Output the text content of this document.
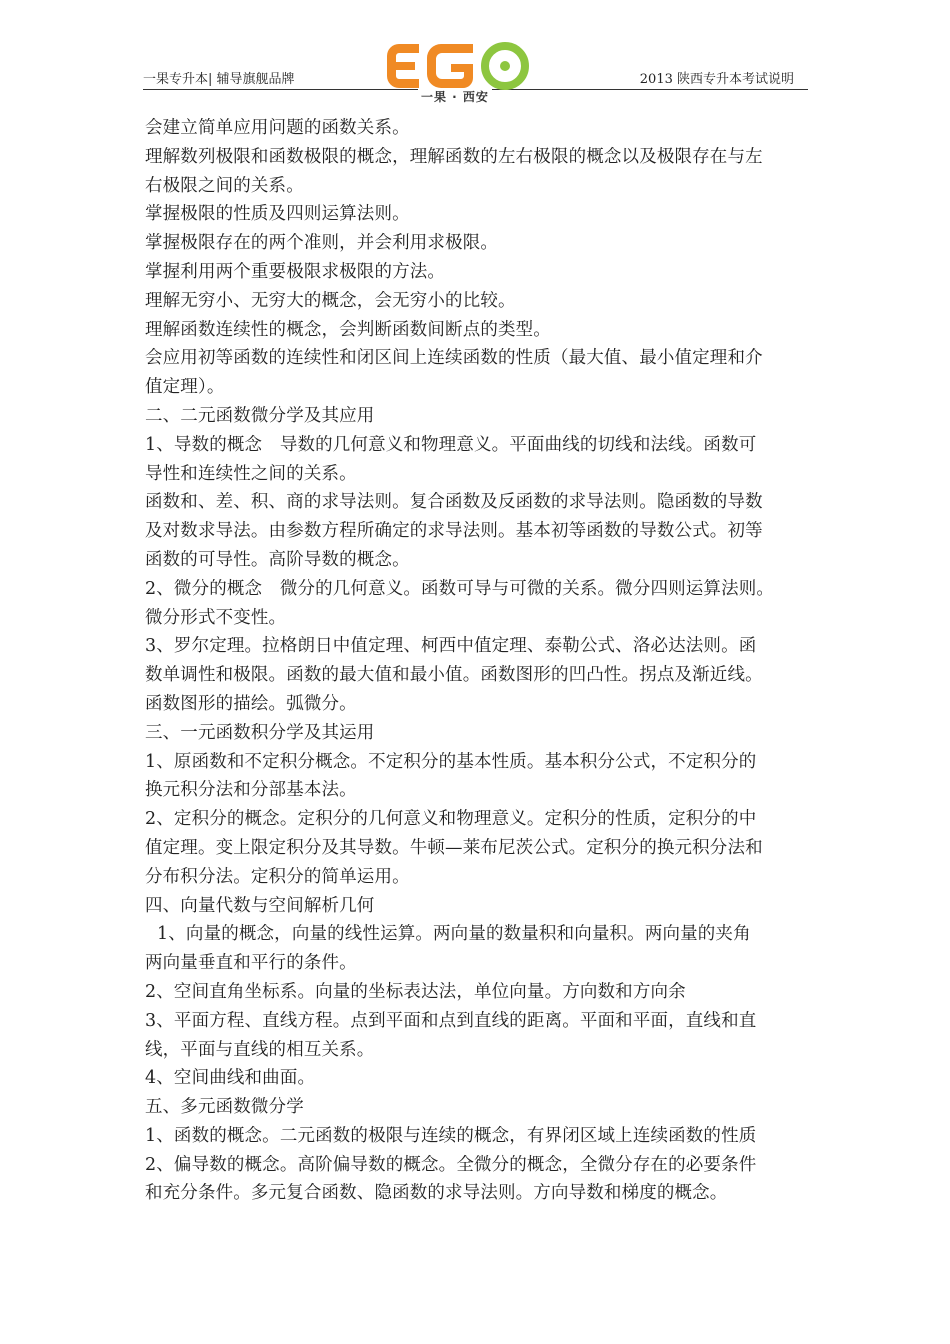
一果专升本| 辅导旗舰品牌	2013 陕西专升本考试说明
一果 · 西安
会建立简单应用问题的函数关系。
理解数列极限和函数极限的概念，理解函数的左右极限的概念以及极限存在与左
右极限之间的关系。
掌握极限的性质及四则运算法则。
掌握极限存在的两个准则，并会利用求极限。
掌握利用两个重要极限求极限的方法。
理解无穷小、无穷大的概念，会无穷小的比较。
理解函数连续性的概念，会判断函数间断点的类型。
会应用初等函数的连续性和闭区间上连续函数的性质（最大值、最小值定理和介
值定理）。
二、二元函数微分学及其应用
1、导数的概念　导数的几何意义和物理意义。平面曲线的切线和法线。函数可
导性和连续性之间的关系。
函数和、差、积、商的求导法则。复合函数及反函数的求导法则。隐函数的导数
及对数求导法。由参数方程所确定的求导法则。基本初等函数的导数公式。初等
函数的可导性。高阶导数的概念。
2、微分的概念　微分的几何意义。函数可导与可微的关系。微分四则运算法则。
微分形式不变性。
3、罗尔定理。拉格朗日中值定理、柯西中值定理、泰勒公式、洛必达法则。函
数单调性和极限。函数的最大值和最小值。函数图形的凹凸性。拐点及渐近线。
函数图形的描绘。弧微分。
三、一元函数积分学及其运用
1、原函数和不定积分概念。不定积分的基本性质。基本积分公式，不定积分的
换元积分法和分部基本法。
2、定积分的概念。定积分的几何意义和物理意义。定积分的性质，定积分的中
值定理。变上限定积分及其导数。牛顿—莱布尼茨公式。定积分的换元积分法和
分布积分法。定积分的简单运用。
四、向量代数与空间解析几何
1、向量的概念，向量的线性运算。两向量的数量积和向量积。两向量的夹角
两向量垂直和平行的条件。
2、空间直角坐标系。向量的坐标表达法，单位向量。方向数和方向余
3、平面方程、直线方程。点到平面和点到直线的距离。平面和平面，直线和直
线，平面与直线的相互关系。
4、空间曲线和曲面。
五、多元函数微分学
1、函数的概念。二元函数的极限与连续的概念，有界闭区域上连续函数的性质
2、偏导数的概念。高阶偏导数的概念。全微分的概念，全微分存在的必要条件
和充分条件。多元复合函数、隐函数的求导法则。方向导数和梯度的概念。
